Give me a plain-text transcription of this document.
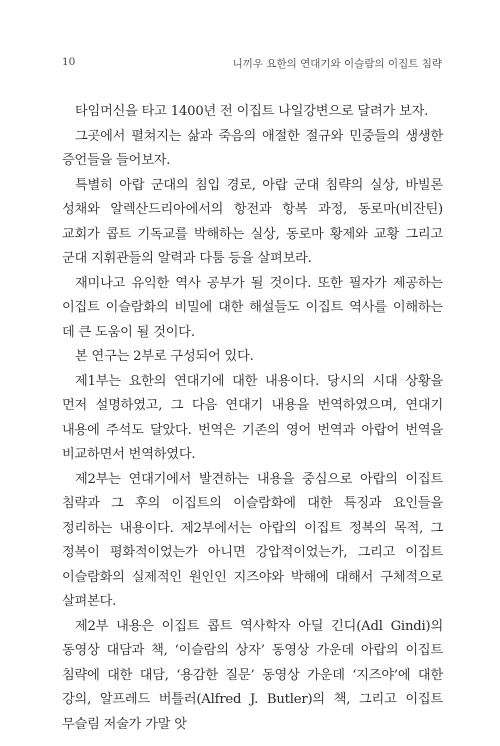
10	니끼우 요한의 연대기와 이슬람의 이집트 침략

타임머신을 타고 1400년 전 이집트 나일강변으로 달려가 보자.

그곳에서 펼쳐지는 삶과 죽음의 애절한 절규와 민중들의 생생한 증언들을 들어보자.

특별히 아랍 군대의 침입 경로, 아랍 군대 침략의 실상, 바빌론 성채와 알렉산드리아에서의 항전과 항복 과정, 동로마(비잔틴) 교회가 콥트 기독교를 박해하는 실상, 동로마 황제와 교황 그리고 군대 지휘관들의 알력과 다툼 등을 살펴보라.

재미나고 유익한 역사 공부가 될 것이다. 또한 필자가 제공하는 이집트 이슬람화의 비밀에 대한 해설들도 이집트 역사를 이해하는 데 큰 도움이 될 것이다.

본 연구는 2부로 구성되어 있다.

제1부는 요한의 연대기에 대한 내용이다. 당시의 시대 상황을 먼저 설명하였고, 그 다음 연대기 내용을 번역하였으며, 연대기 내용에 주석도 달았다. 번역은 기존의 영어 번역과 아랍어 번역을 비교하면서 번역하였다.

제2부는 연대기에서 발견하는 내용을 중심으로 아랍의 이집트 침략과 그 후의 이집트의 이슬람화에 대한 특징과 요인들을 정리하는 내용이다. 제2부에서는 아랍의 이집트 정복의 목적, 그 정복이 평화적이었는가 아니면 강압적이었는가, 그리고 이집트 이슬람화의 실제적인 원인인 지즈야와 박해에 대해서 구체적으로 살펴본다.

제2부 내용은 이집트 콥트 역사학자 아딜 긴디(Adl Gindi)의 동영상 대담과 책, ‘이슬람의 상자’ 동영상 가운데 아랍의 이집트 침략에 대한 대담, ‘용감한 질문’ 동영상 가운데 ‘지즈야’에 대한 강의, 알프레드 버틀러(Alfred J. Butler)의 책, 그리고 이집트 무슬림 저술가 가말 앗
